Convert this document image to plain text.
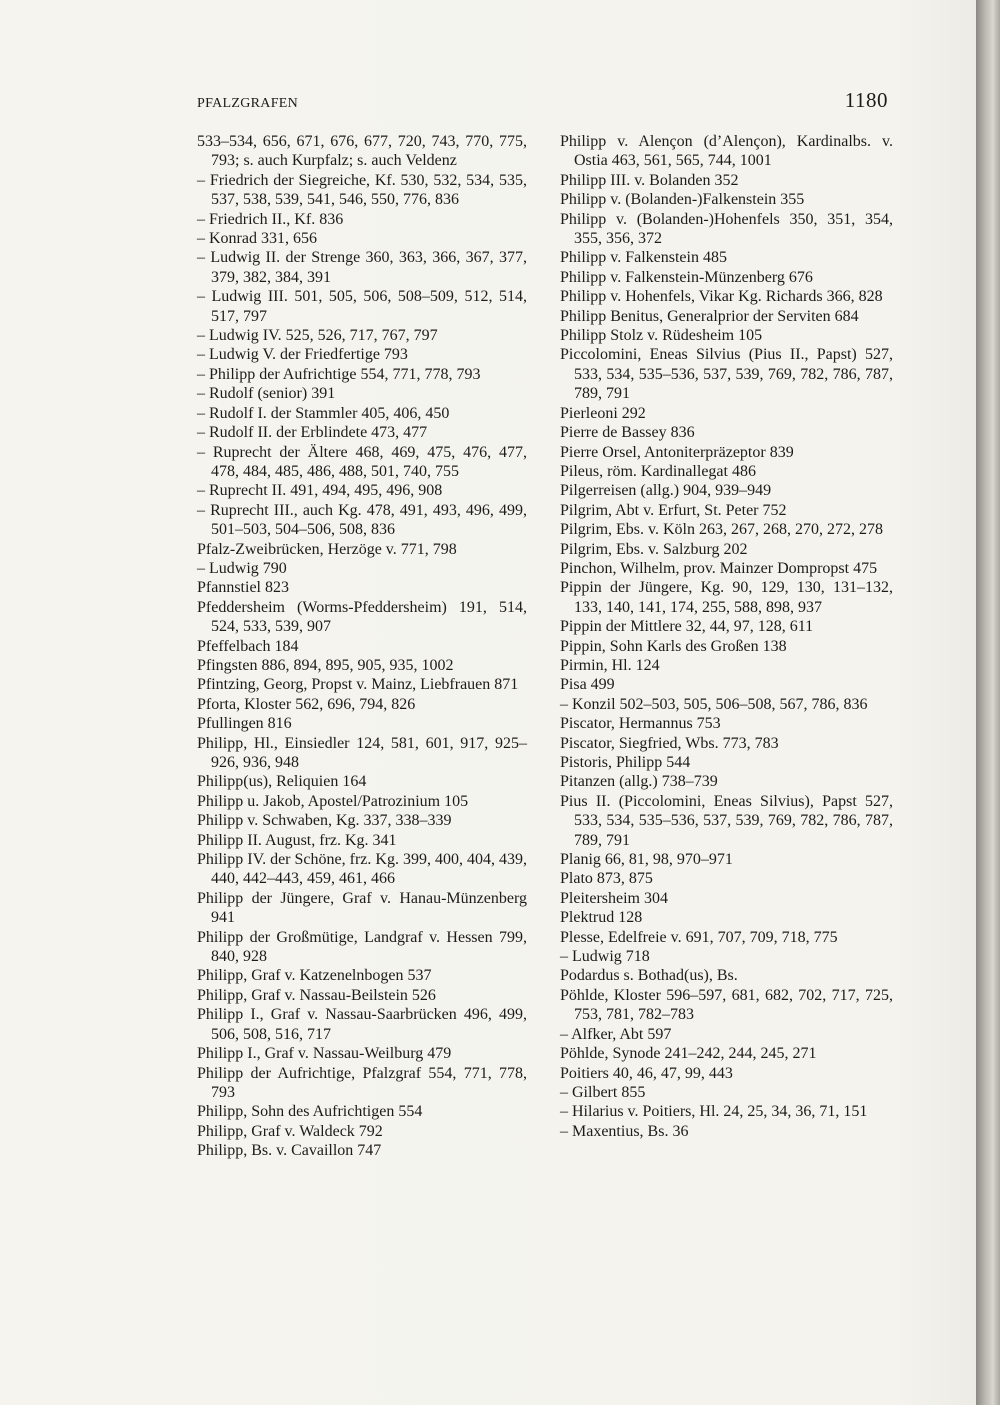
PFALZGRAFEN	1180

533–534, 656, 671, 676, 677, 720, 743, 770, 775, 793; s. auch Kurpfalz; s. auch Veldenz

– Friedrich der Siegreiche, Kf. 530, 532, 534, 535, 537, 538, 539, 541, 546, 550, 776, 836

– Friedrich II., Kf. 836

– Konrad 331, 656

– Ludwig II. der Strenge 360, 363, 366, 367, 377, 379, 382, 384, 391

– Ludwig III. 501, 505, 506, 508–509, 512, 514, 517, 797

– Ludwig IV. 525, 526, 717, 767, 797

– Ludwig V. der Friedfertige 793

– Philipp der Aufrichtige 554, 771, 778, 793

– Rudolf (senior) 391

– Rudolf I. der Stammler 405, 406, 450

– Rudolf II. der Erblindete 473, 477

– Ruprecht der Ältere 468, 469, 475, 476, 477, 478, 484, 485, 486, 488, 501, 740, 755

– Ruprecht II. 491, 494, 495, 496, 908

– Ruprecht III., auch Kg. 478, 491, 493, 496, 499, 501–503, 504–506, 508, 836

Pfalz-Zweibrücken, Herzöge v. 771, 798

– Ludwig 790

Pfannstiel 823

Pfeddersheim (Worms-Pfeddersheim) 191, 514, 524, 533, 539, 907

Pfeffelbach 184

Pfingsten 886, 894, 895, 905, 935, 1002

Pfintzing, Georg, Propst v. Mainz, Liebfrauen 871

Pforta, Kloster 562, 696, 794, 826

Pfullingen 816

Philipp, Hl., Einsiedler 124, 581, 601, 917, 925–926, 936, 948

Philipp(us), Reliquien 164

Philipp u. Jakob, Apostel/Patrozinium 105

Philipp v. Schwaben, Kg. 337, 338–339

Philipp II. August, frz. Kg. 341

Philipp IV. der Schöne, frz. Kg. 399, 400, 404, 439, 440, 442–443, 459, 461, 466

Philipp der Jüngere, Graf v. Hanau-Münzenberg 941

Philipp der Großmütige, Landgraf v. Hessen 799, 840, 928

Philipp, Graf v. Katzenelnbogen 537

Philipp, Graf v. Nassau-Beilstein 526

Philipp I., Graf v. Nassau-Saarbrücken 496, 499, 506, 508, 516, 717

Philipp I., Graf v. Nassau-Weilburg 479

Philipp der Aufrichtige, Pfalzgraf 554, 771, 778, 793

Philipp, Sohn des Aufrichtigen 554

Philipp, Graf v. Waldeck 792

Philipp, Bs. v. Cavaillon 747

Philipp v. Alençon (d’Alençon), Kardinalbs. v. Ostia 463, 561, 565, 744, 1001

Philipp III. v. Bolanden 352

Philipp v. (Bolanden-)Falkenstein 355

Philipp v. (Bolanden-)Hohenfels 350, 351, 354, 355, 356, 372

Philipp v. Falkenstein 485

Philipp v. Falkenstein-Münzenberg 676

Philipp v. Hohenfels, Vikar Kg. Richards 366, 828

Philipp Benitus, Generalprior der Serviten 684

Philipp Stolz v. Rüdesheim 105

Piccolomini, Eneas Silvius (Pius II., Papst) 527, 533, 534, 535–536, 537, 539, 769, 782, 786, 787, 789, 791

Pierleoni 292

Pierre de Bassey 836

Pierre Orsel, Antoniterpräzeptor 839

Pileus, röm. Kardinallegat 486

Pilgerreisen (allg.) 904, 939–949

Pilgrim, Abt v. Erfurt, St. Peter 752

Pilgrim, Ebs. v. Köln 263, 267, 268, 270, 272, 278

Pilgrim, Ebs. v. Salzburg 202

Pinchon, Wilhelm, prov. Mainzer Dompropst 475

Pippin der Jüngere, Kg. 90, 129, 130, 131–132, 133, 140, 141, 174, 255, 588, 898, 937

Pippin der Mittlere 32, 44, 97, 128, 611

Pippin, Sohn Karls des Großen 138

Pirmin, Hl. 124

Pisa 499

– Konzil 502–503, 505, 506–508, 567, 786, 836

Piscator, Hermannus 753

Piscator, Siegfried, Wbs. 773, 783

Pistoris, Philipp 544

Pitanzen (allg.) 738–739

Pius II. (Piccolomini, Eneas Silvius), Papst 527, 533, 534, 535–536, 537, 539, 769, 782, 786, 787, 789, 791

Planig 66, 81, 98, 970–971

Plato 873, 875

Pleitersheim 304

Plektrud 128

Plesse, Edelfreie v. 691, 707, 709, 718, 775

– Ludwig 718

Podardus s. Bothad(us), Bs.

Pöhlde, Kloster 596–597, 681, 682, 702, 717, 725, 753, 781, 782–783

– Alfker, Abt 597

Pöhlde, Synode 241–242, 244, 245, 271

Poitiers 40, 46, 47, 99, 443

– Gilbert 855

– Hilarius v. Poitiers, Hl. 24, 25, 34, 36, 71, 151

– Maxentius, Bs. 36
